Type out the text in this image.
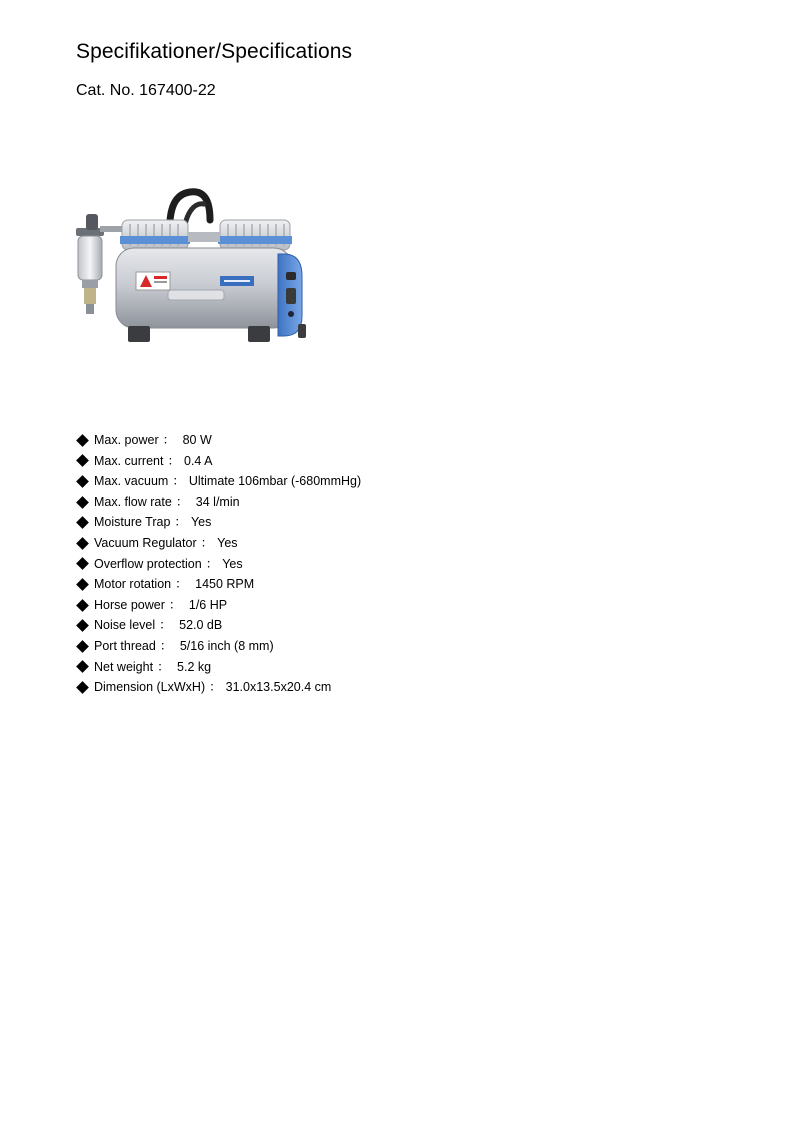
Specifikationer/Specifications

Cat. No. 167400-22

Max. power ： 80 W
Max. current ： 0.4 A
Max. vacuum ： Ultimate 106mbar (-680mmHg)
Max. flow rate ： 34 l/min
Moisture Trap ： Yes
Vacuum Regulator ： Yes
Overflow protection ： Yes
Motor rotation ： 1450 RPM
Horse power ： 1/6 HP
Noise level ： 52.0 dB
Port thread ： 5/16 inch (8 mm)
Net weight ： 5.2 kg
Dimension (LxWxH) ： 31.0x13.5x20.4 cm
